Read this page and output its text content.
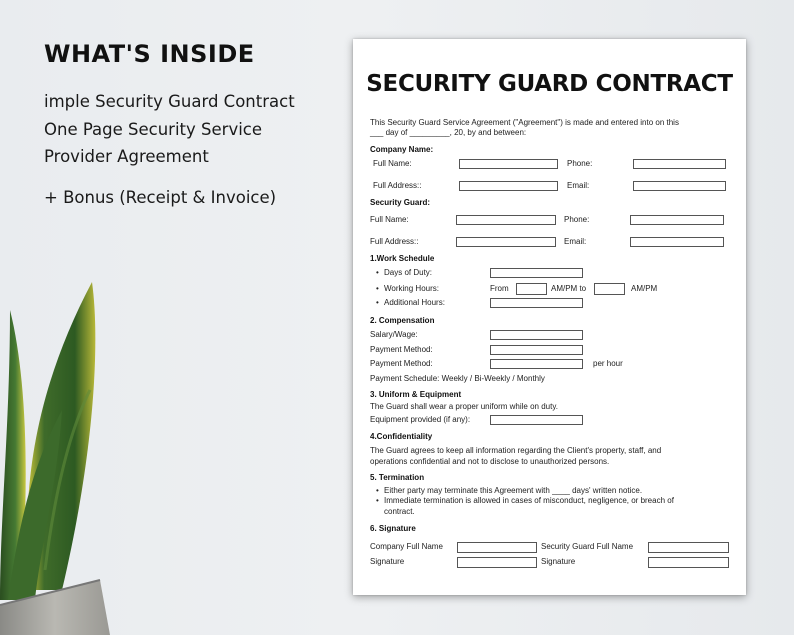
WHAT'S INSIDE

imple Security Guard Contract

One Page Security Service

Provider Agreement

+ Bonus (Receipt & Invoice)

SECURITY GUARD CONTRACT
This Security Guard Service Agreement ("Agreement") is made and entered into on this
___ day of _________, 20, by and between:
Company Name:
Full Name:	Phone:
Full Address::	Email:
Security Guard:
Full Name:	Phone:
Full Address::	Email:
1.Work Schedule
• Days of Duty:
• Working Hours:	From	AM/PM to	AM/PM
• Additional Hours:
2. Compensation
Salary/Wage:
Payment Method:
Payment Method:	per hour
Payment Schedule: Weekly / Bi-Weekly / Monthly
3. Uniform & Equipment
The Guard shall wear a proper uniform while on duty.
Equipment provided (if any):
4.Confidentiality
The Guard agrees to keep all information regarding the Client's property, staff, and
operations confidential and not to disclose to unauthorized persons.
5. Termination
• Either party may terminate this Agreement with ____ days' written notice.
• Immediate termination is allowed in cases of misconduct, negligence, or breach of
contract.
6. Signature
Company Full Name	Security Guard Full Name
Signature	Signature
